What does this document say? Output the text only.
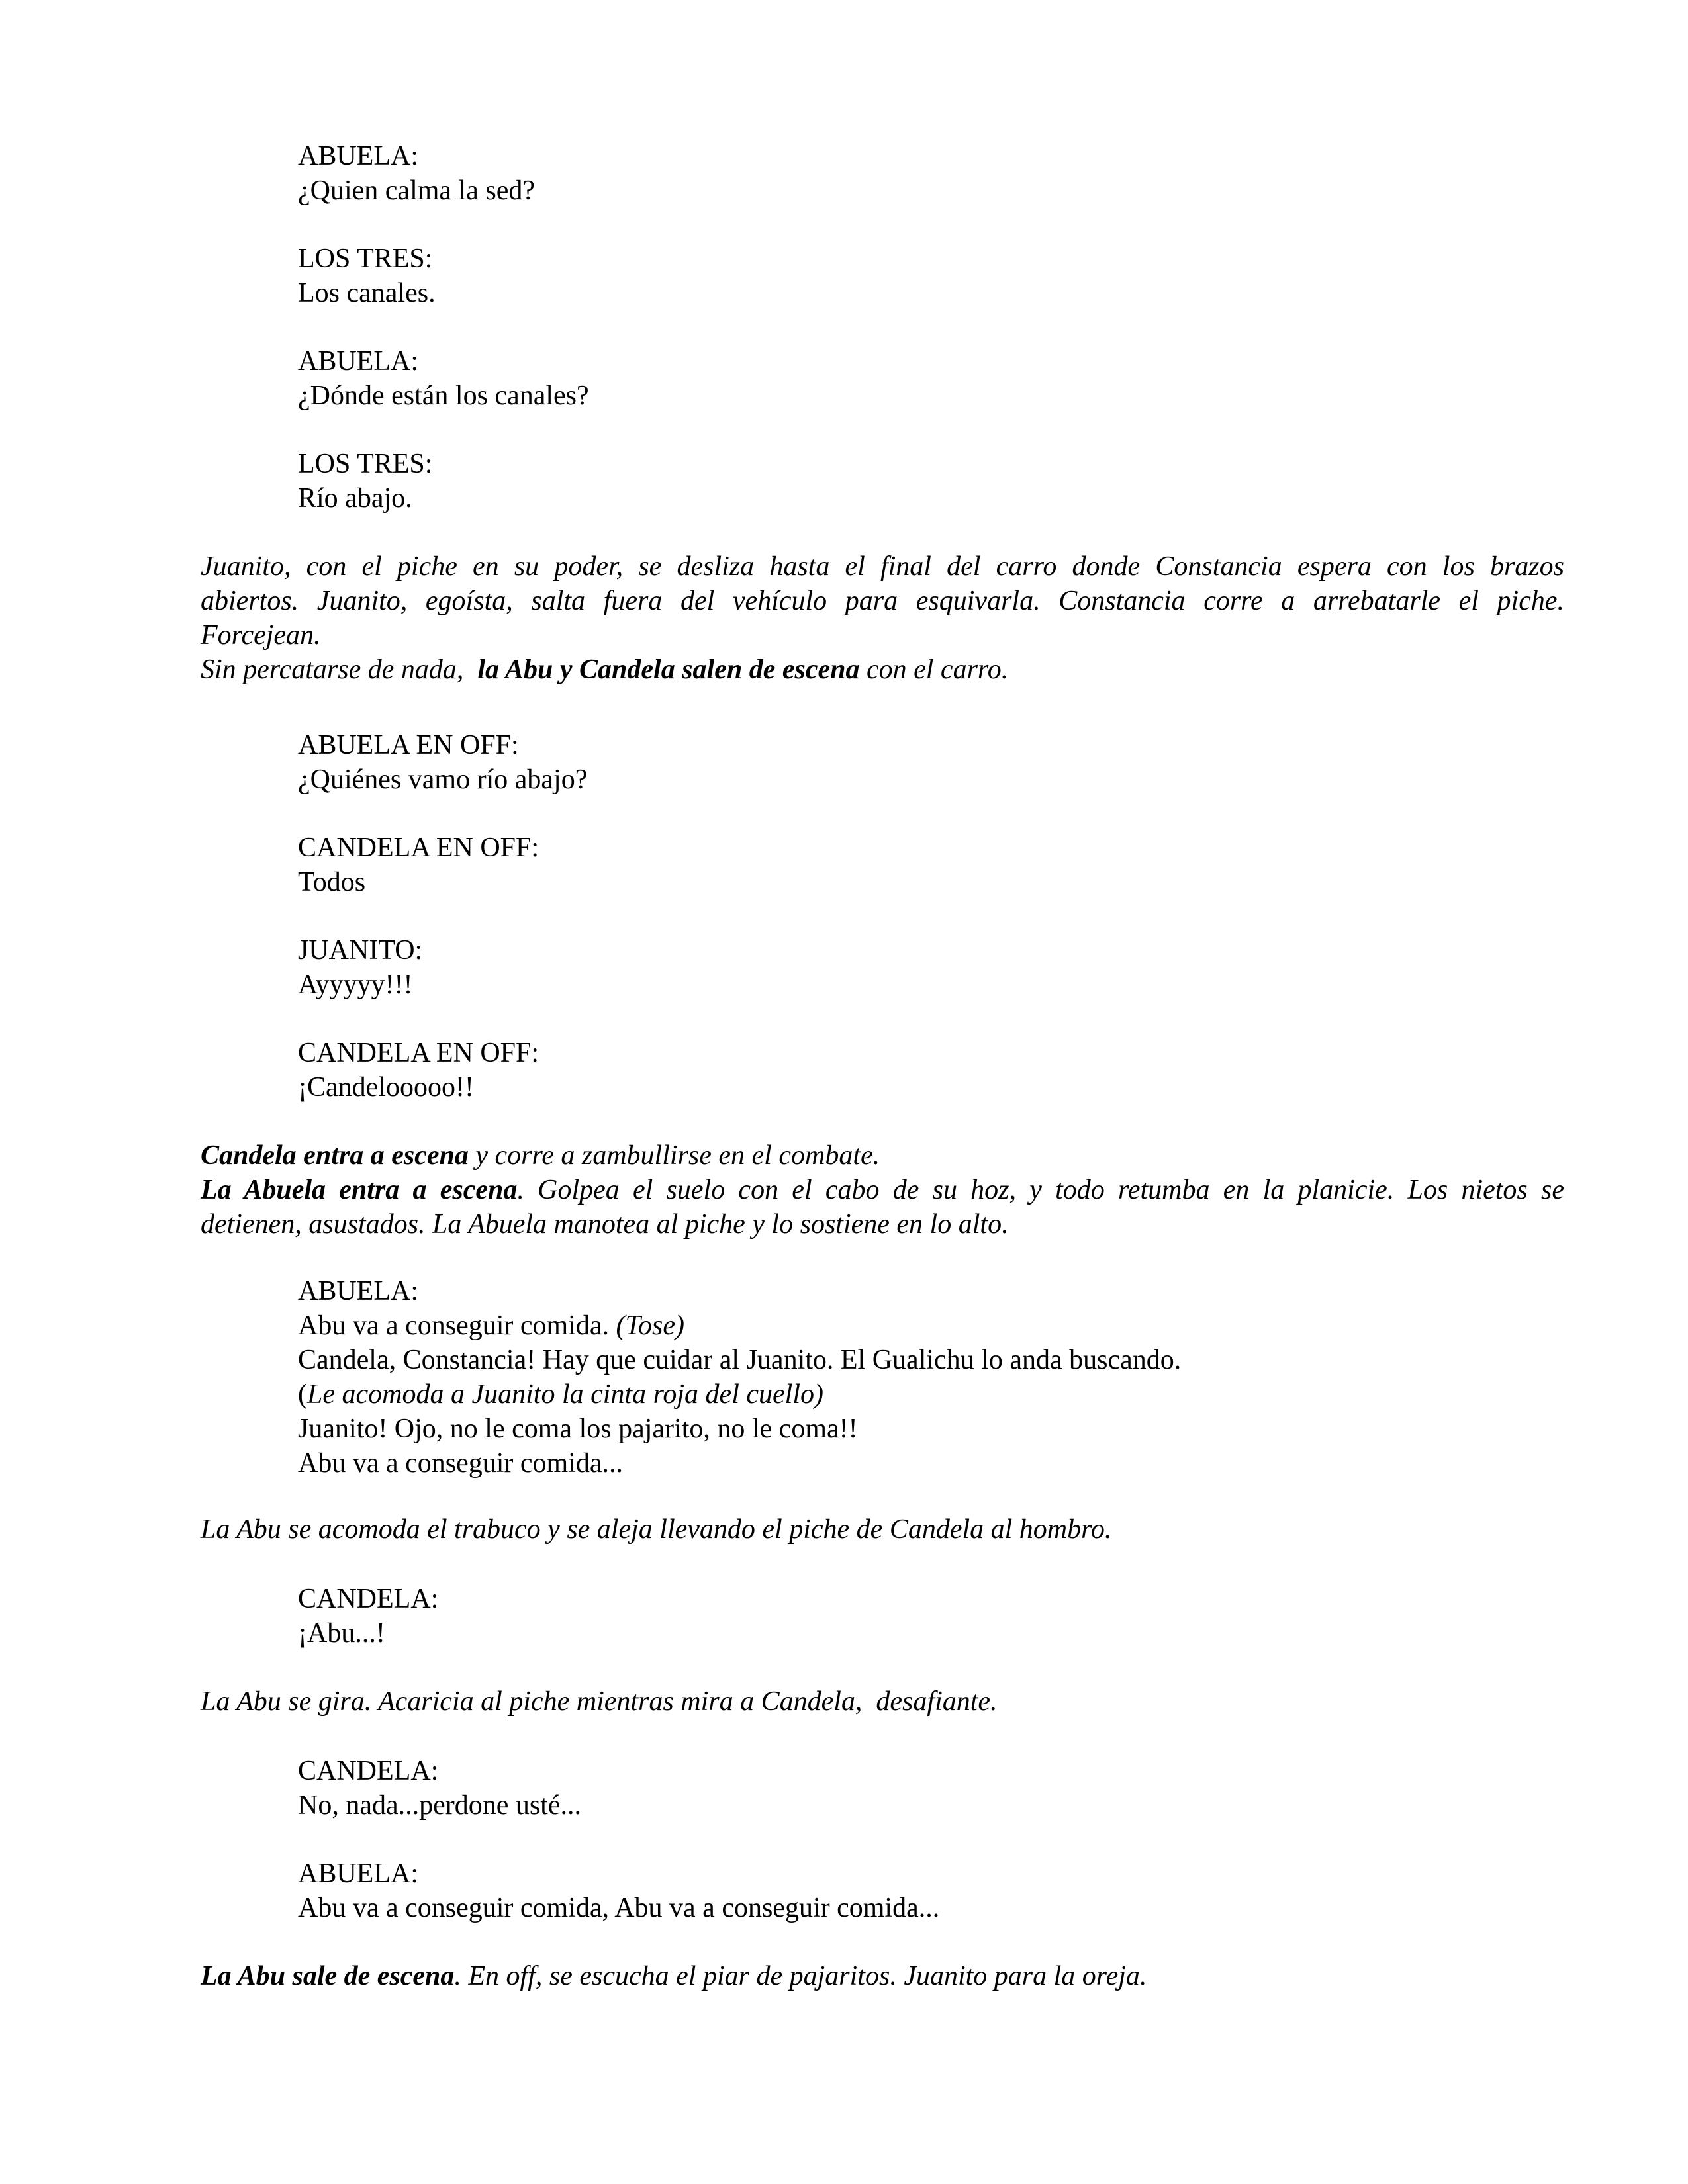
ABUELA:
¿Quien calma la sed?
LOS TRES:
Los canales.
ABUELA:
¿Dónde están los canales?
LOS TRES:
Río abajo.
Juanito, con el piche en su poder, se desliza hasta el final del carro donde Constancia espera con los brazos
abiertos. Juanito, egoísta, salta fuera del vehículo para esquivarla. Constancia corre a arrebatarle el piche.
Forcejean.
Sin percatarse de nada,  la Abu y Candela salen de escena con el carro.
ABUELA EN OFF:
¿Quiénes vamo río abajo?
CANDELA EN OFF:
Todos
JUANITO:
Ayyyyy!!!
CANDELA EN OFF:
¡Candelooooo!!
Candela entra a escena y corre a zambullirse en el combate.
La Abuela entra a escena. Golpea el suelo con el cabo de su hoz, y todo retumba en la planicie. Los nietos se
detienen, asustados. La Abuela manotea al piche y lo sostiene en lo alto.
ABUELA:
Abu va a conseguir comida. (Tose)
Candela, Constancia! Hay que cuidar al Juanito. El Gualichu lo anda buscando.
(Le acomoda a Juanito la cinta roja del cuello)
Juanito! Ojo, no le coma los pajarito, no le coma!!
Abu va a conseguir comida...
La Abu se acomoda el trabuco y se aleja llevando el piche de Candela al hombro.
CANDELA:
¡Abu...!
La Abu se gira. Acaricia al piche mientras mira a Candela,  desafiante.
CANDELA:
No, nada...perdone usté...
ABUELA:
Abu va a conseguir comida, Abu va a conseguir comida...
La Abu sale de escena. En off, se escucha el piar de pajaritos. Juanito para la oreja.
